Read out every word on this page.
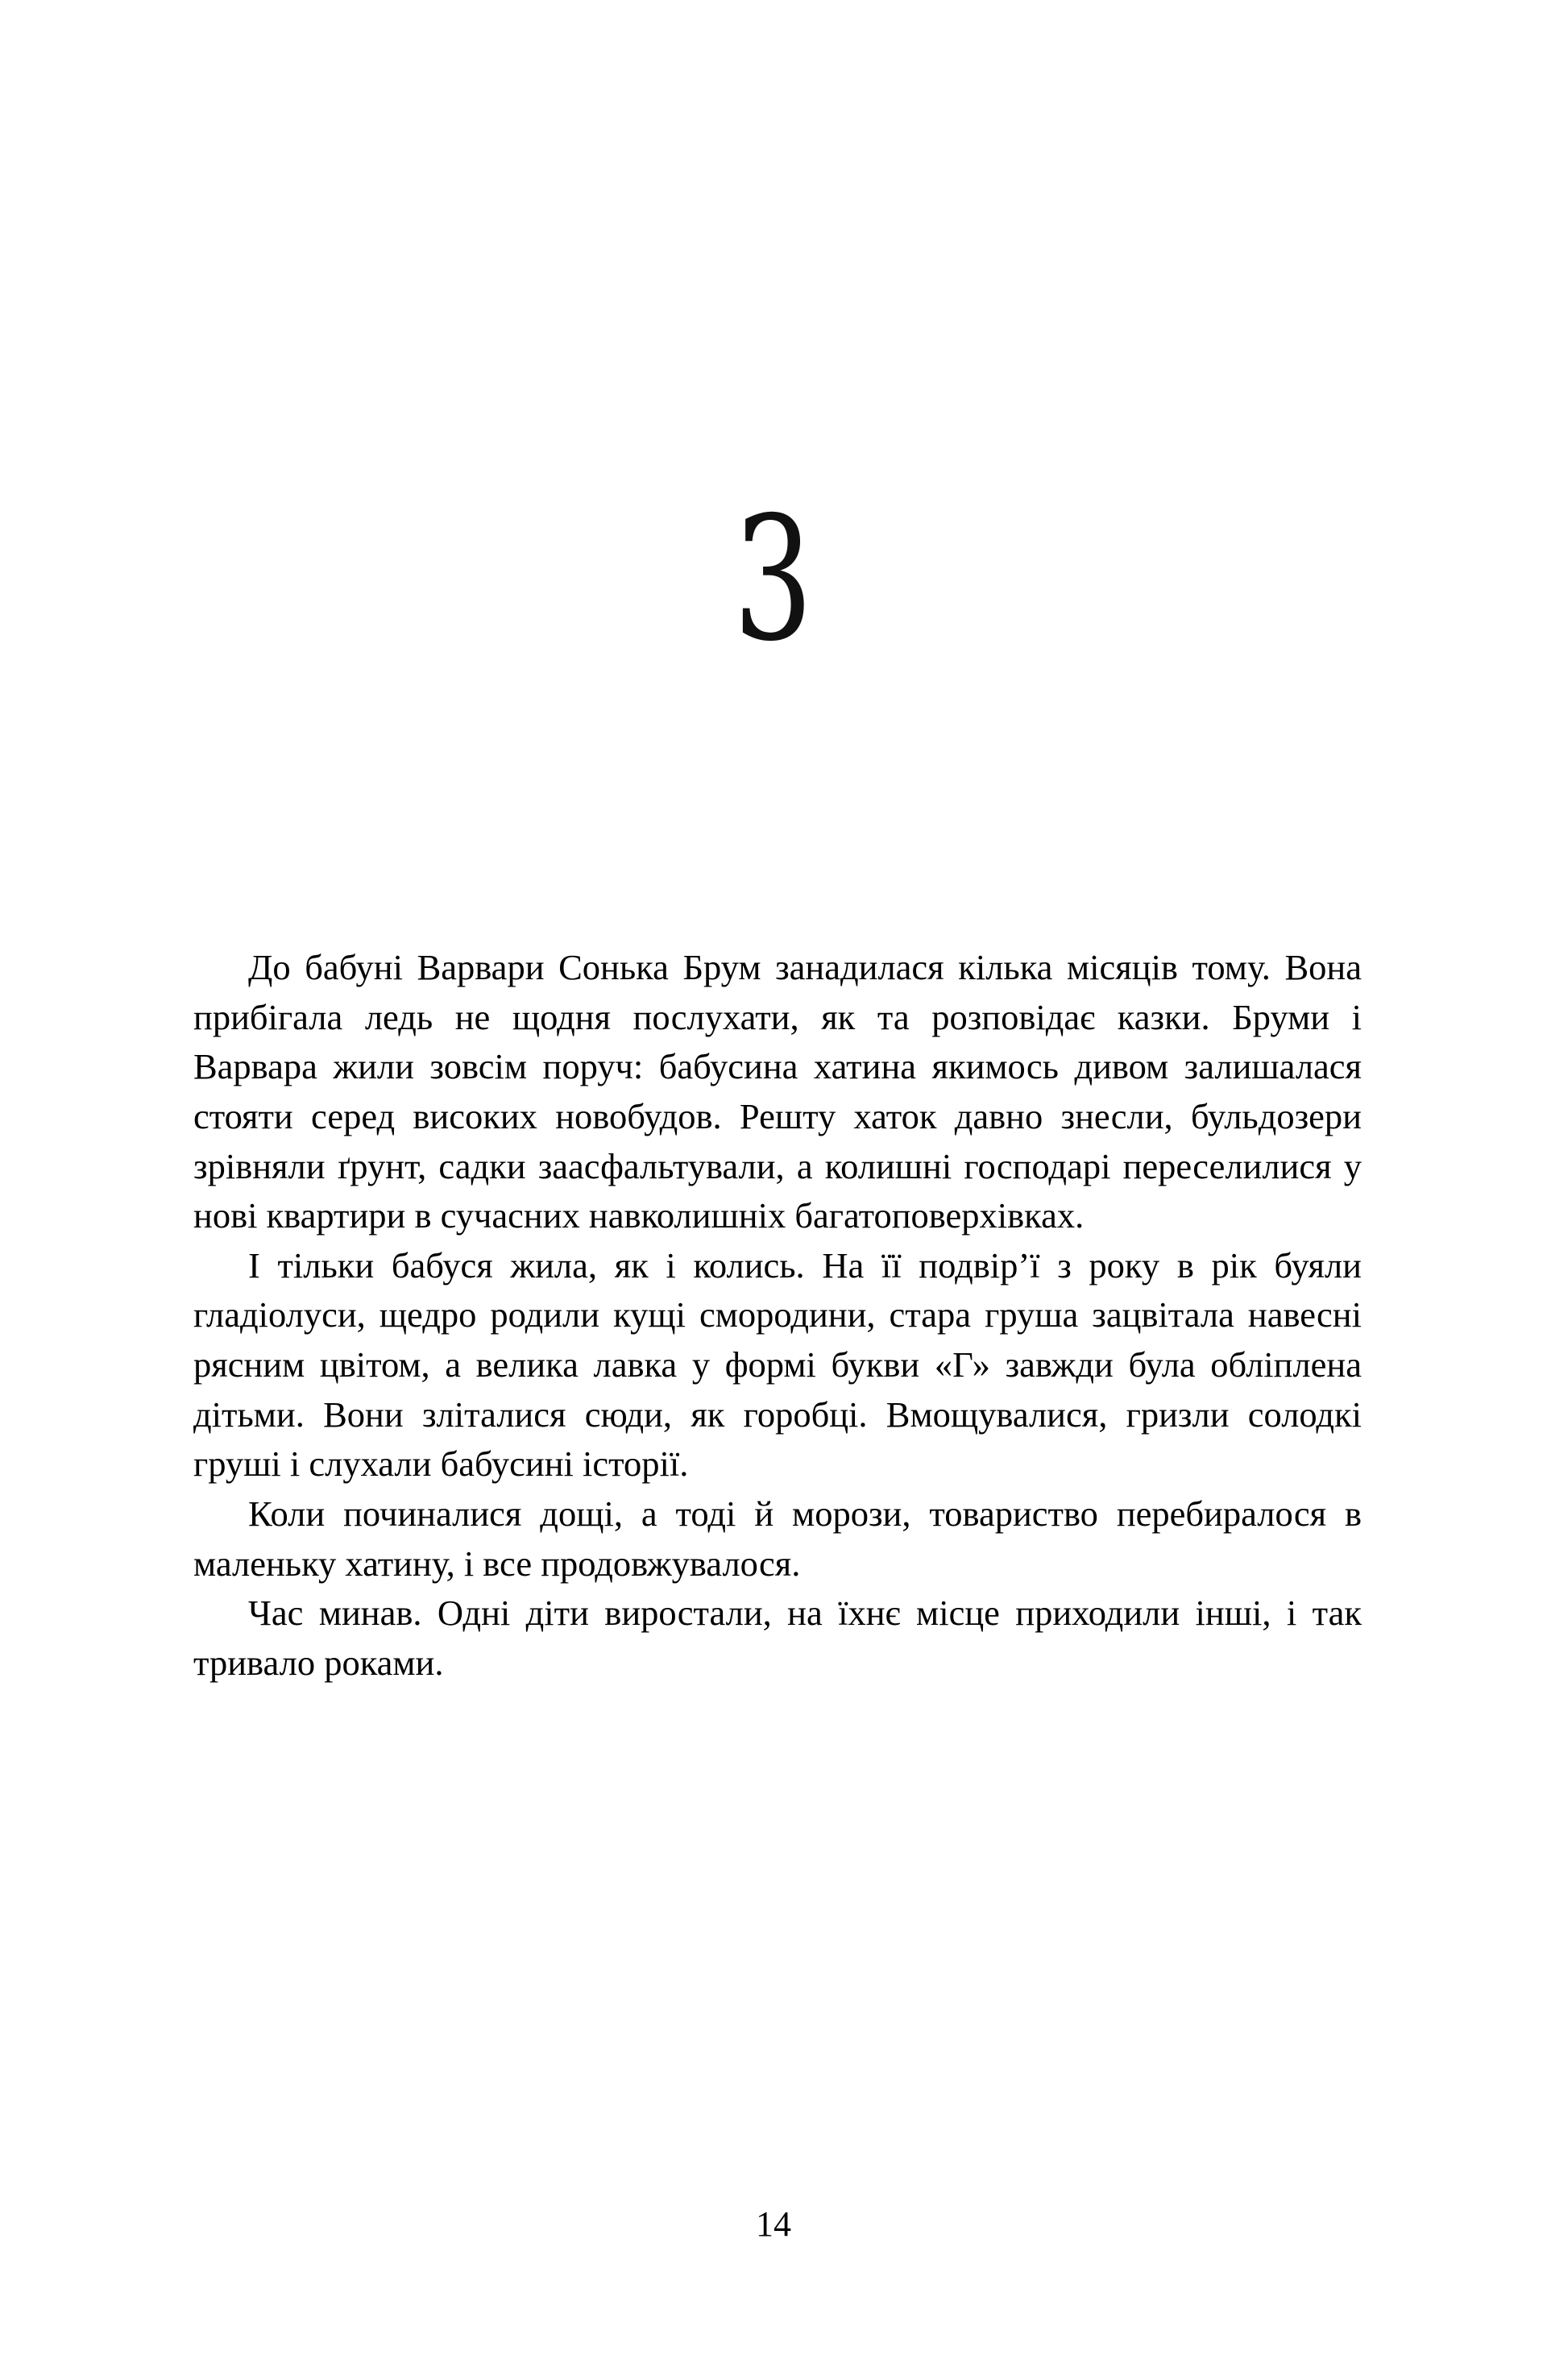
3

До бабуні Варвари Сонька Брум занадилася кілька місяців тому. Вона прибігала ледь не щодня послухати, як та розповідає казки. Бруми і Варвара жили зовсім поруч: бабусина хатина якимось дивом залишалася стояти серед високих новобудов. Решту хаток давно знесли, бульдозери зрівняли ґрунт, садки заасфальтували, а колишні господарі переселилися у нові квартири в сучасних навколишніх багатоповерхівках.

І тільки бабуся жила, як і колись. На її подвір’ї з року в рік буяли гладіолуси, щедро родили кущі смородини, стара груша зацвітала навесні рясним цвітом, а велика лавка у формі букви «Г» завжди була обліплена дітьми. Вони зліталися сюди, як горобці. Вмощувалися, гризли солодкі груші і слухали бабусині історії.

Коли починалися дощі, а тоді й морози, товариство перебиралося в маленьку хатину, і все продовжувалося.

Час минав. Одні діти виростали, на їхнє місце приходили інші, і так тривало роками.

14
